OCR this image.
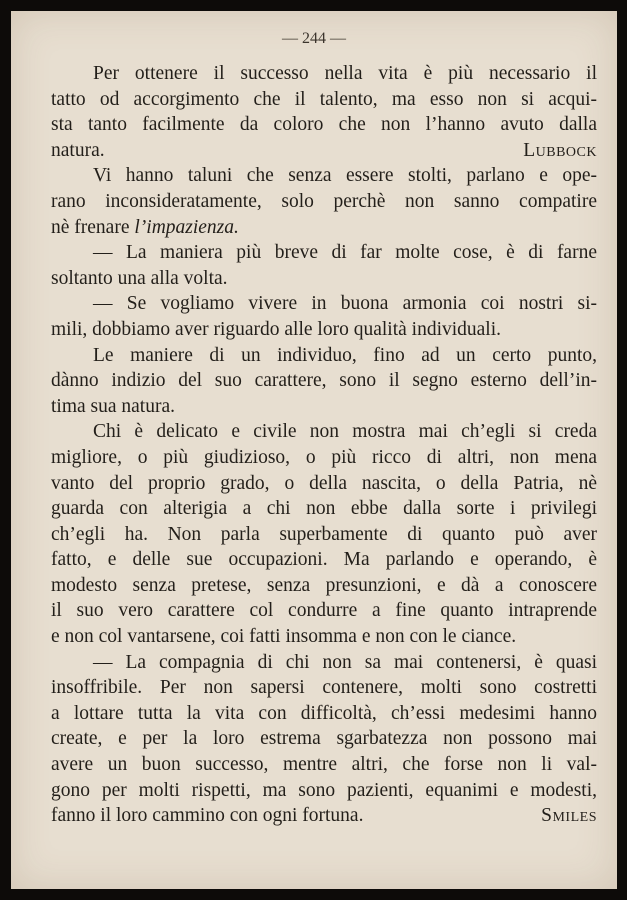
— 244 —
Per ottenere il successo nella vita è più necessario il
tatto od accorgimento che il talento, ma esso non si acqui-
sta tanto facilmente da coloro che non l’hanno avuto dalla
natura.	Lubbock
Vi hanno taluni che senza essere stolti, parlano e ope-
rano inconsideratamente, solo perchè non sanno compatire
nè frenare l’impazienza.
— La maniera più breve di far molte cose, è di farne
soltanto una alla volta.
— Se vogliamo vivere in buona armonia coi nostri si-
mili, dobbiamo aver riguardo alle loro qualità individuali.
Le maniere di un individuo, fino ad un certo punto,
dànno indizio del suo carattere, sono il segno esterno dell’in-
tima sua natura.
Chi è delicato e civile non mostra mai ch’egli si creda
migliore, o più giudizioso, o più ricco di altri, non mena
vanto del proprio grado, o della nascita, o della Patria, nè
guarda con alterigia a chi non ebbe dalla sorte i privilegi
ch’egli ha. Non parla superbamente di quanto può aver
fatto, e delle sue occupazioni. Ma parlando e operando, è
modesto senza pretese, senza presunzioni, e dà a conoscere
il suo vero carattere col condurre a fine quanto intraprende
e non col vantarsene, coi fatti insomma e non con le ciance.
— La compagnia di chi non sa mai contenersi, è quasi
insoffribile. Per non sapersi contenere, molti sono costretti
a lottare tutta la vita con difficoltà, ch’essi medesimi hanno
create, e per la loro estrema sgarbatezza non possono mai
avere un buon successo, mentre altri, che forse non li val-
gono per molti rispetti, ma sono pazienti, equanimi e modesti,
fanno il loro cammino con ogni fortuna.	Smiles
